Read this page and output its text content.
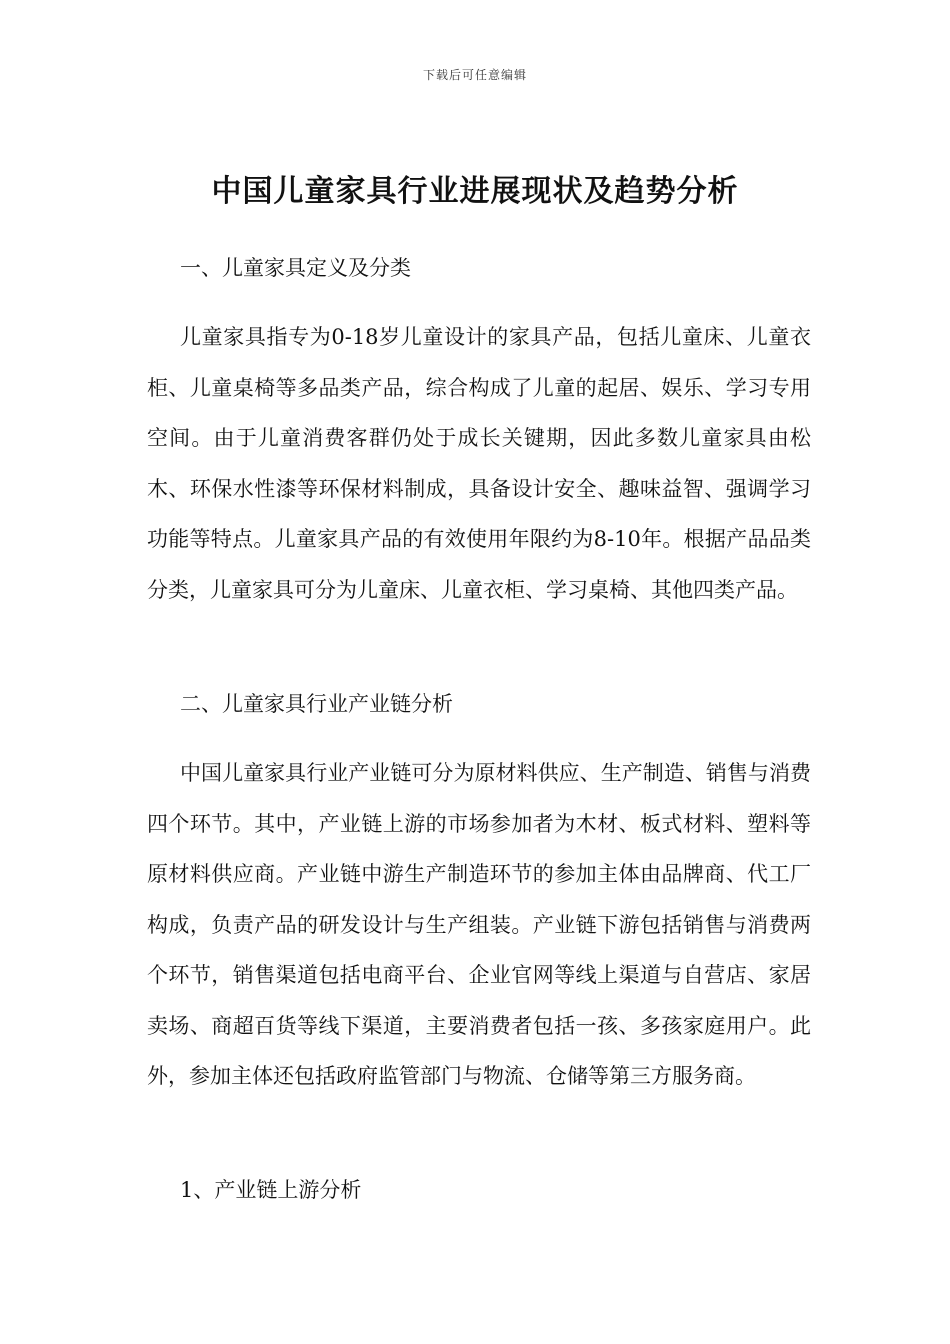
下载后可任意编辑
中国儿童家具行业进展现状及趋势分析
一、儿童家具定义及分类

儿童家具指专为0-18岁儿童设计的家具产品，包括儿童床、儿童衣柜、儿童桌椅等多品类产品，综合构成了儿童的起居、娱乐、学习专用空间。由于儿童消费客群仍处于成长关键期，因此多数儿童家具由松木、环保水性漆等环保材料制成，具备设计安全、趣味益智、强调学习功能等特点。儿童家具产品的有效使用年限约为8-10年。根据产品品类分类，儿童家具可分为儿童床、儿童衣柜、学习桌椅、其他四类产品。

二、儿童家具行业产业链分析

中国儿童家具行业产业链可分为原材料供应、生产制造、销售与消费四个环节。其中，产业链上游的市场参加者为木材、板式材料、塑料等原材料供应商。产业链中游生产制造环节的参加主体由品牌商、代工厂构成，负责产品的研发设计与生产组装。产业链下游包括销售与消费两个环节，销售渠道包括电商平台、企业官网等线上渠道与自营店、家居卖场、商超百货等线下渠道，主要消费者包括一孩、多孩家庭用户。此外，参加主体还包括政府监管部门与物流、仓储等第三方服务商。

1、产业链上游分析
